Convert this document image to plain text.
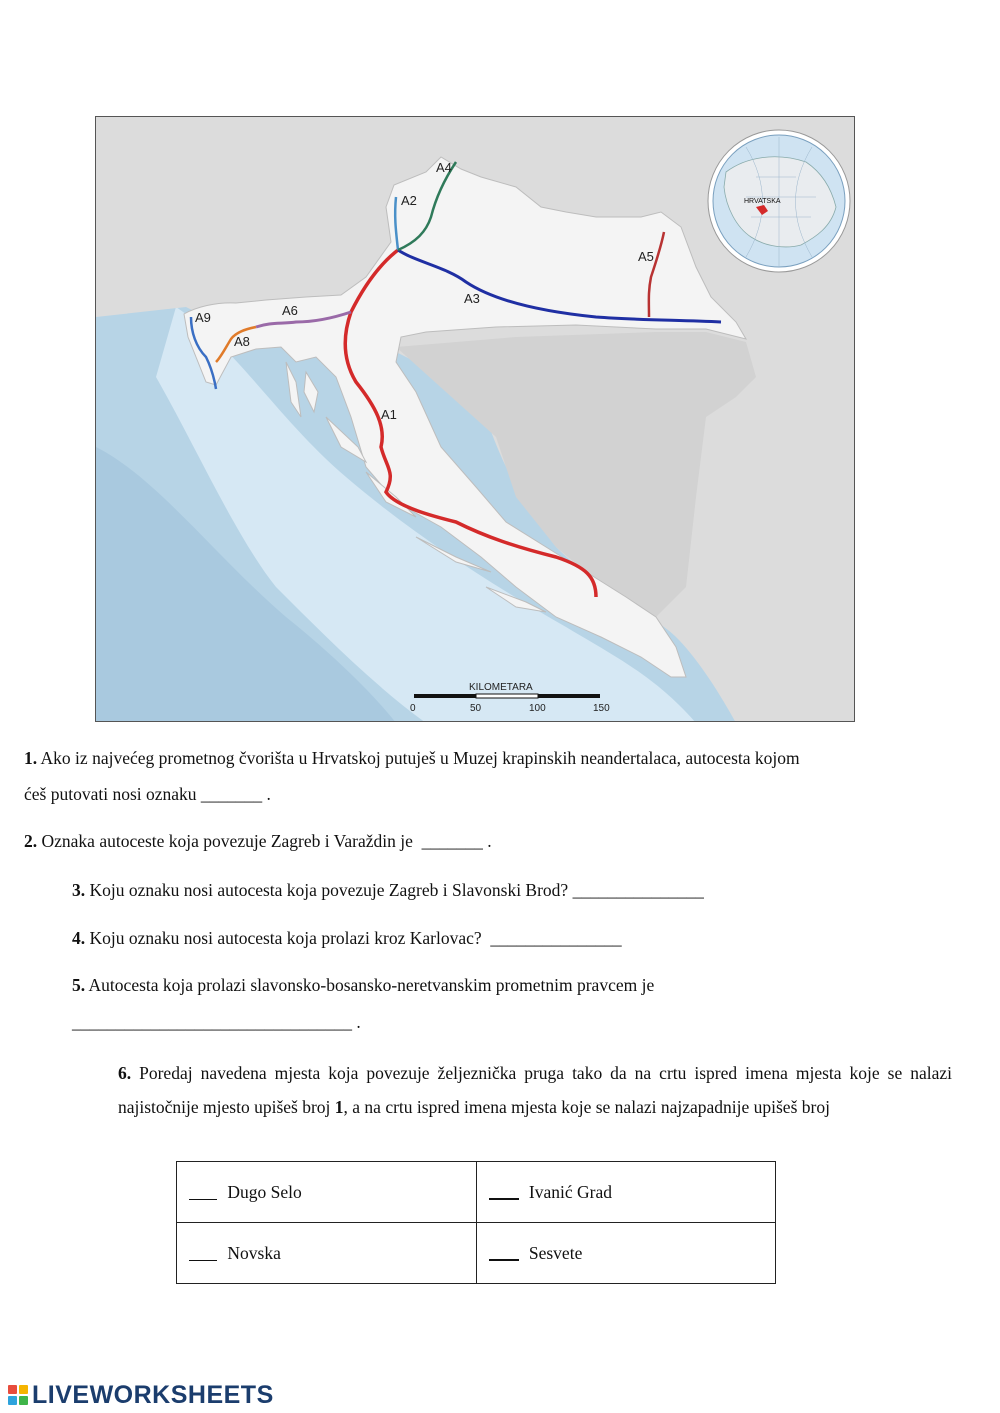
A1
A2
A3
A4
A5
A6
A8
A9
HRVATSKA
KILOMETARA
0	50	100	150

1. Ako iz najvećeg prometnog čvorišta u Hrvatskoj putuješ u Muzej krapinskih neandertalaca, autocesta kojom

ćeš putovati nosi oznaku _______ .

2. Oznaka autoceste koja povezuje Zagreb i Varaždin je  _______ .

3. Koju oznaku nosi autocesta koja povezuje Zagreb i Slavonski Brod? _______________

4. Koju oznaku nosi autocesta koja prolazi kroz Karlovac?  _______________

5. Autocesta koja prolazi slavonsko-bosansko-neretvanskim prometnim pravcem je

________________________________ .

6. Poredaj navedena mjesta koja povezuje željeznička pruga tako da na crtu ispred imena mjesta koje se nalazi najistočnije mjesto upišeš broj 1, a na crtu ispred imena mjesta koje se nalazi najzapadnije upišeš broj

Dugo Selo	Ivanić Grad
Novska	Sesvete
LIVEWORKSHEETS
